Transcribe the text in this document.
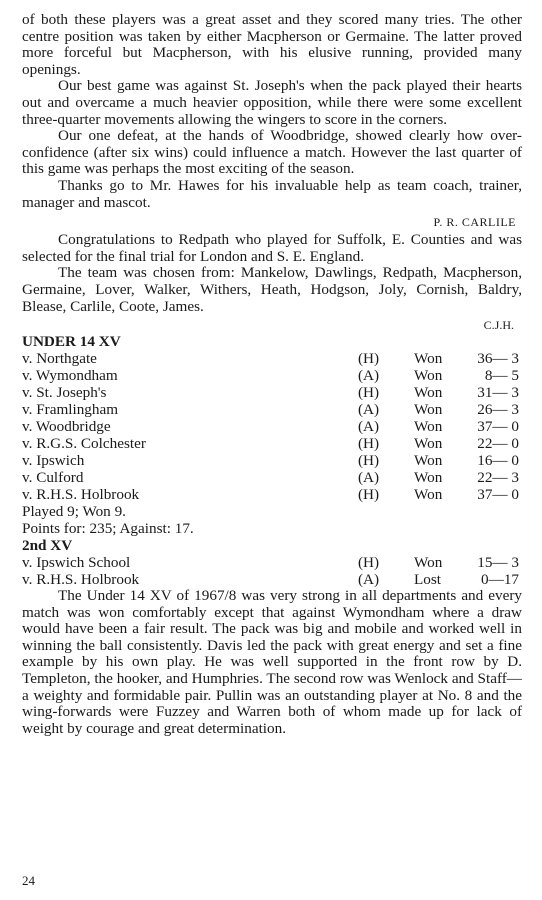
of both these players was a great asset and they scored many tries. The other centre position was taken by either Macpherson or Germaine. The latter proved more forceful but Macpherson, with his elusive running, provided many openings.

Our best game was against St. Joseph's when the pack played their hearts out and overcame a much heavier opposition, while there were some excellent three-quarter movements allowing the wingers to score in the corners.

Our one defeat, at the hands of Woodbridge, showed clearly how over-confidence (after six wins) could influence a match. However the last quarter of this game was perhaps the most exciting of the season.

Thanks go to Mr. Hawes for his invaluable help as team coach, trainer, manager and mascot.

P. R. CARLILE

Congratulations to Redpath who played for Suffolk, E. Counties and was selected for the final trial for London and S. E. England.

The team was chosen from: Mankelow, Dawlings, Redpath, Macpherson, Germaine, Lover, Walker, Withers, Heath, Hodgson, Joly, Cornish, Baldry, Blease, Carlile, Coote, James.

C.J.H.
UNDER 14 XV
v. Northgate	(H) Won	36— 3
v. Wymondham	(A) Won	8— 5
v. St. Joseph's	(H) Won	31— 3
v. Framlingham	(A) Won	26— 3
v. Woodbridge	(A) Won	37— 0
v. R.G.S. Colchester	(H) Won	22— 0
v. Ipswich	(H) Won	16— 0
v. Culford	(A) Won	22— 3
v. R.H.S. Holbrook	(H) Won	37— 0
Played 9; Won 9.
Points for: 235; Against: 17.
2nd XV
v. Ipswich School	(H) Won	15— 3
v. R.H.S. Holbrook	(A) Lost	0—17

The Under 14 XV of 1967/8 was very strong in all departments and every match was won comfortably except that against Wymondham where a draw would have been a fair result. The pack was big and mobile and worked well in winning the ball consistently. Davis led the pack with great energy and set a fine example by his own play. He was well supported in the front row by D. Templeton, the hooker, and Humphries. The second row was Wenlock and Staff—a weighty and formidable pair. Pullin was an outstanding player at No. 8 and the wing-forwards were Fuzzey and Warren both of whom made up for lack of weight by courage and great determination.

24
